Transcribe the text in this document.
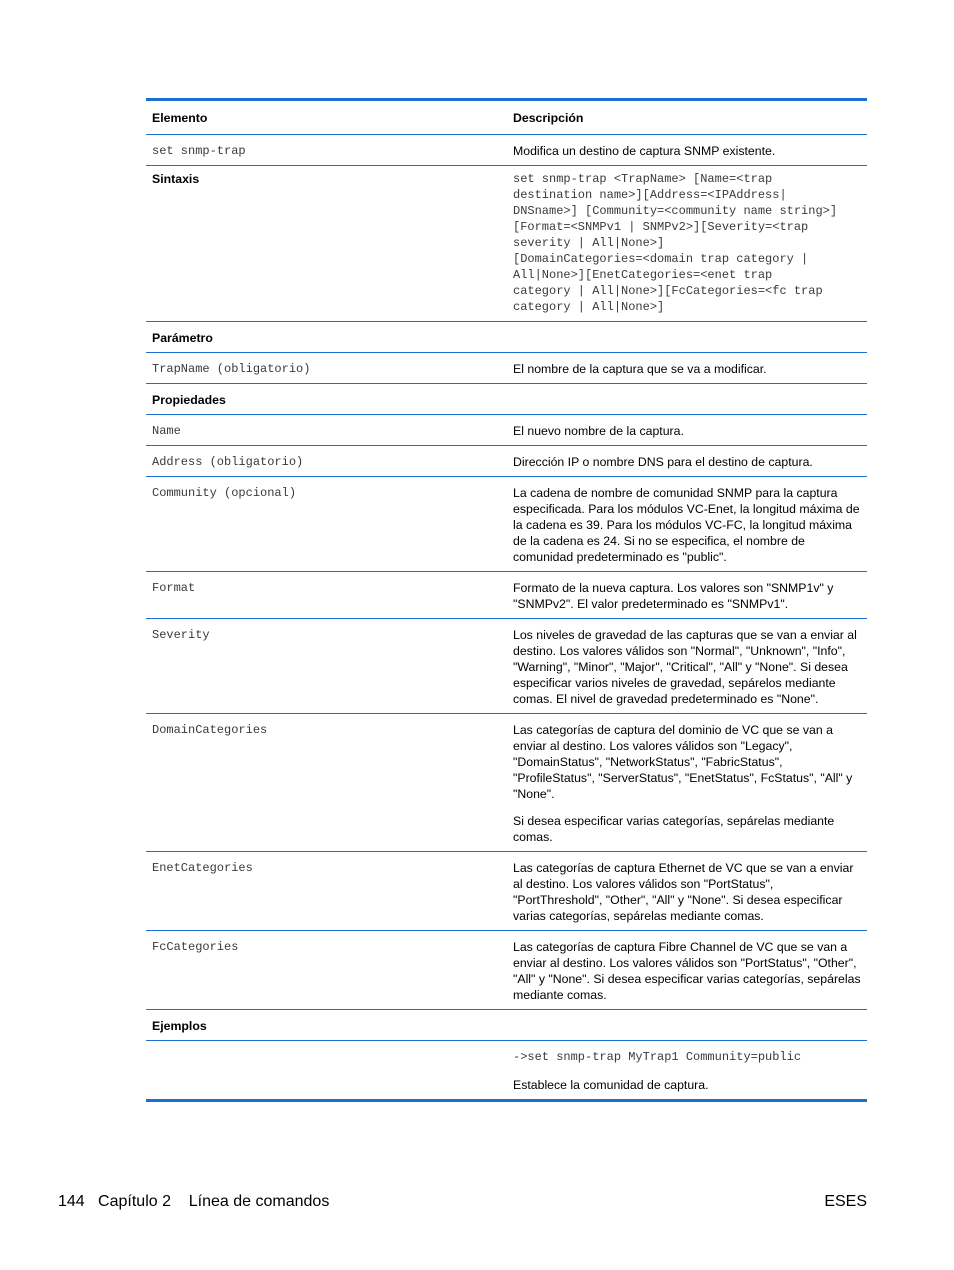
Elemento	Descripción
set snmp-trap	Modifica un destino de captura SNMP existente.
Sintaxis	set snmp-trap <TrapName> [Name=<trap
destination name>][Address=<IPAddress|
DNSname>] [Community=<community name string>]
[Format=<SNMPv1 | SNMPv2>][Severity=<trap
severity | All|None>]
[DomainCategories=<domain trap category |
All|None>][EnetCategories=<enet trap
category | All|None>][FcCategories=<fc trap
category | All|None>]
Parámetro
TrapName (obligatorio)	El nombre de la captura que se va a modificar.
Propiedades
Name	El nuevo nombre de la captura.
Address (obligatorio)	Dirección IP o nombre DNS para el destino de captura.
Community (opcional)	La cadena de nombre de comunidad SNMP para la captura especificada. Para los módulos VC-Enet, la longitud máxima de la cadena es 39. Para los módulos VC-FC, la longitud máxima de la cadena es 24. Si no se especifica, el nombre de comunidad predeterminado es "public".
Format	Formato de la nueva captura. Los valores son "SNMP1v" y "SNMPv2". El valor predeterminado es "SNMPv1".
Severity	Los niveles de gravedad de las capturas que se van a enviar al destino. Los valores válidos son "Normal", "Unknown", "Info", "Warning", "Minor", "Major", "Critical", "All" y "None". Si desea especificar varios niveles de gravedad, sepárelos mediante comas. El nivel de gravedad predeterminado es "None".
DomainCategories	Las categorías de captura del dominio de VC que se van a enviar al destino. Los valores válidos son "Legacy", "DomainStatus", "NetworkStatus", "FabricStatus", "ProfileStatus", "ServerStatus", "EnetStatus", FcStatus", "All" y "None".
Si desea especificar varias categorías, sepárelas mediante comas.
EnetCategories	Las categorías de captura Ethernet de VC que se van a enviar al destino. Los valores válidos son "PortStatus", "PortThreshold", "Other", "All" y "None". Si desea especificar varias categorías, sepárelas mediante comas.
FcCategories	Las categorías de captura Fibre Channel de VC que se van a enviar al destino. Los valores válidos son "PortStatus", "Other", "All" y "None". Si desea especificar varias categorías, sepárelas mediante comas.
Ejemplos
->set snmp-trap MyTrap1 Community=public
Establece la comunidad de captura.
144 Capítulo 2 Línea de comandos	ESES
